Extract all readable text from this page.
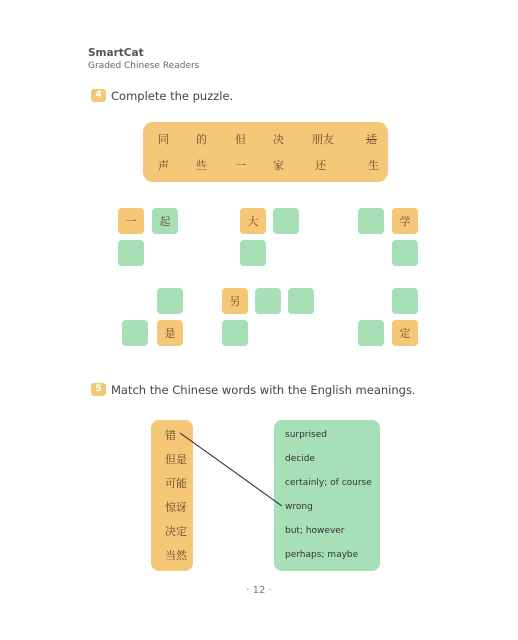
SmartCat
Graded Chinese Readers
4 Complete the puzzle.
同 的	但 决	朋友	适
声 些	一 家	还	生
一	起
是
大
另
学
定
5 Match the Chinese words with the English meanings.
错
但是
可能
惊讶
决定
当然
surprised
decide
certainly; of course
wrong
but; however
perhaps; maybe
· 12 ·
